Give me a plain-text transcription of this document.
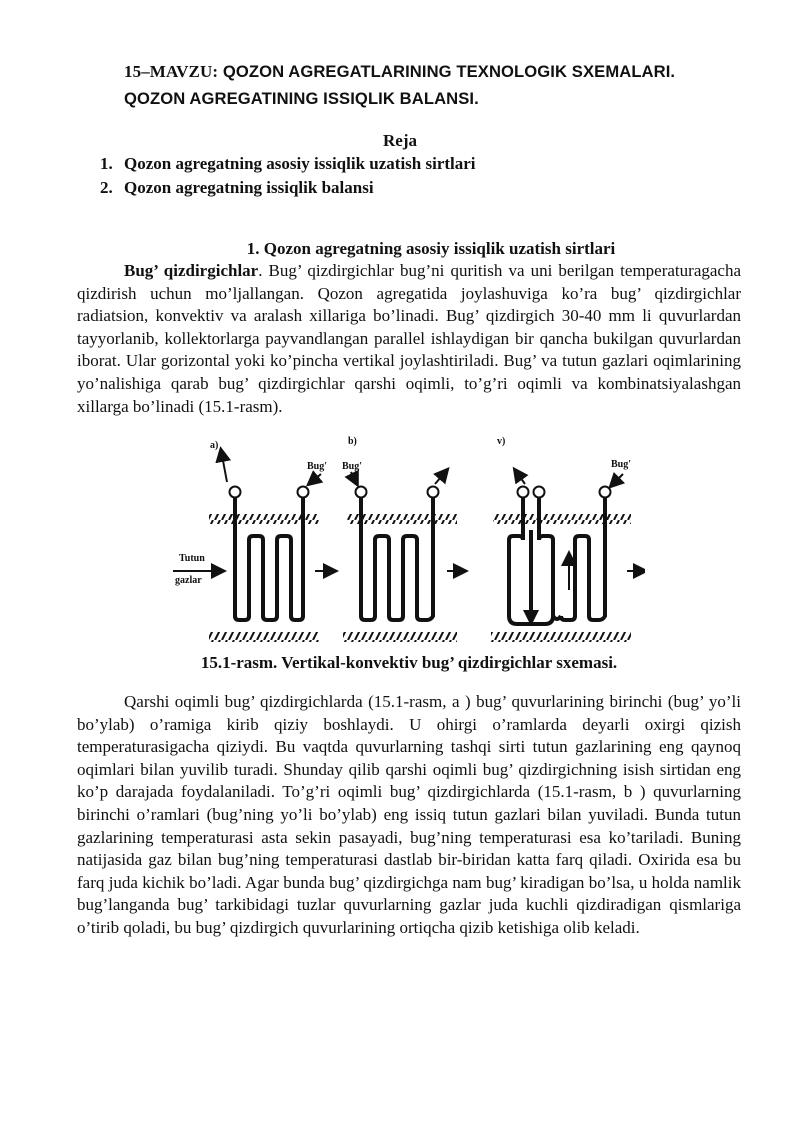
15–MAVZU: QOZON AGREGATLARINING TEXNOLOGIK SXEMALARI.
QOZON AGREGATINING ISSIQLIK BALANSI.
Reja
1. Qozon agregatning asosiy issiqlik uzatish sirtlari
2. Qozon agregatning issiqlik balansi
1. Qozon agregatning asosiy issiqlik uzatish sirtlari

Bug’ qizdirgichlar. Bug’ qizdirgichlar bug’ni quritish va uni berilgan temperaturagacha qizdirish uchun mo’ljallangan. Qozon agregatida joylashuviga ko’ra bug’ qizdirgichlar radiatsion, konvektiv va aralash xillariga bo’linadi. Bug’ qizdirgich 30-40 mm li quvurlardan tayyorlanib, kollektorlarga payvandlangan parallel ishlaydigan bir qancha bukilgan quvurlardan iborat. Ular gorizontal yoki ko’pincha vertikal joylashtiriladi. Bug’ va tutun gazlari oqimlarining yo’nalishiga qarab bug’ qizdirgichlar qarshi oqimli, to’g’ri oqimli va kombinatsiyalashgan xillarga bo’linadi (15.1-rasm).

a)	b)	v)
Bug' Bug'	Bug'
Tutun
gazlar
15.1-rasm. Vertikal-konvektiv bug’ qizdirgichlar sxemasi.

Qarshi oqimli bug’ qizdirgichlarda (15.1-rasm, a ) bug’ quvurlarining birinchi (bug’ yo’li bo’ylab) o’ramiga kirib qiziy boshlaydi. U ohirgi o’ramlarda deyarli oxirgi qizish temperaturasigacha qiziydi. Bu vaqtda quvurlarning tashqi sirti tutun gazlarining eng qaynoq oqimlari bilan yuvilib turadi. Shunday qilib qarshi oqimli bug’ qizdirgichning isish sirtidan eng ko’p darajada foydalaniladi. To’g’ri oqimli bug’ qizdirgichlarda (15.1-rasm, b ) quvurlarning birinchi o’ramlari (bug’ning yo’li bo’ylab) eng issiq tutun gazlari bilan yuviladi. Bunda tutun gazlarining temperaturasi asta sekin pasayadi, bug’ning temperaturasi esa ko’tariladi. Buning natijasida gaz bilan bug’ning temperaturasi dastlab bir-biridan katta farq qiladi. Oxirida esa bu farq juda kichik bo’ladi. Agar bunda bug’ qizdirgichga nam bug’ kiradigan bo’lsa, u holda namlik bug’langanda bug’ tarkibidagi tuzlar quvurlarning gazlar juda kuchli qizdiradigan qismlariga o’tirib qoladi, bu bug’ qizdirgich quvurlarining ortiqcha qizib ketishiga olib keladi.
